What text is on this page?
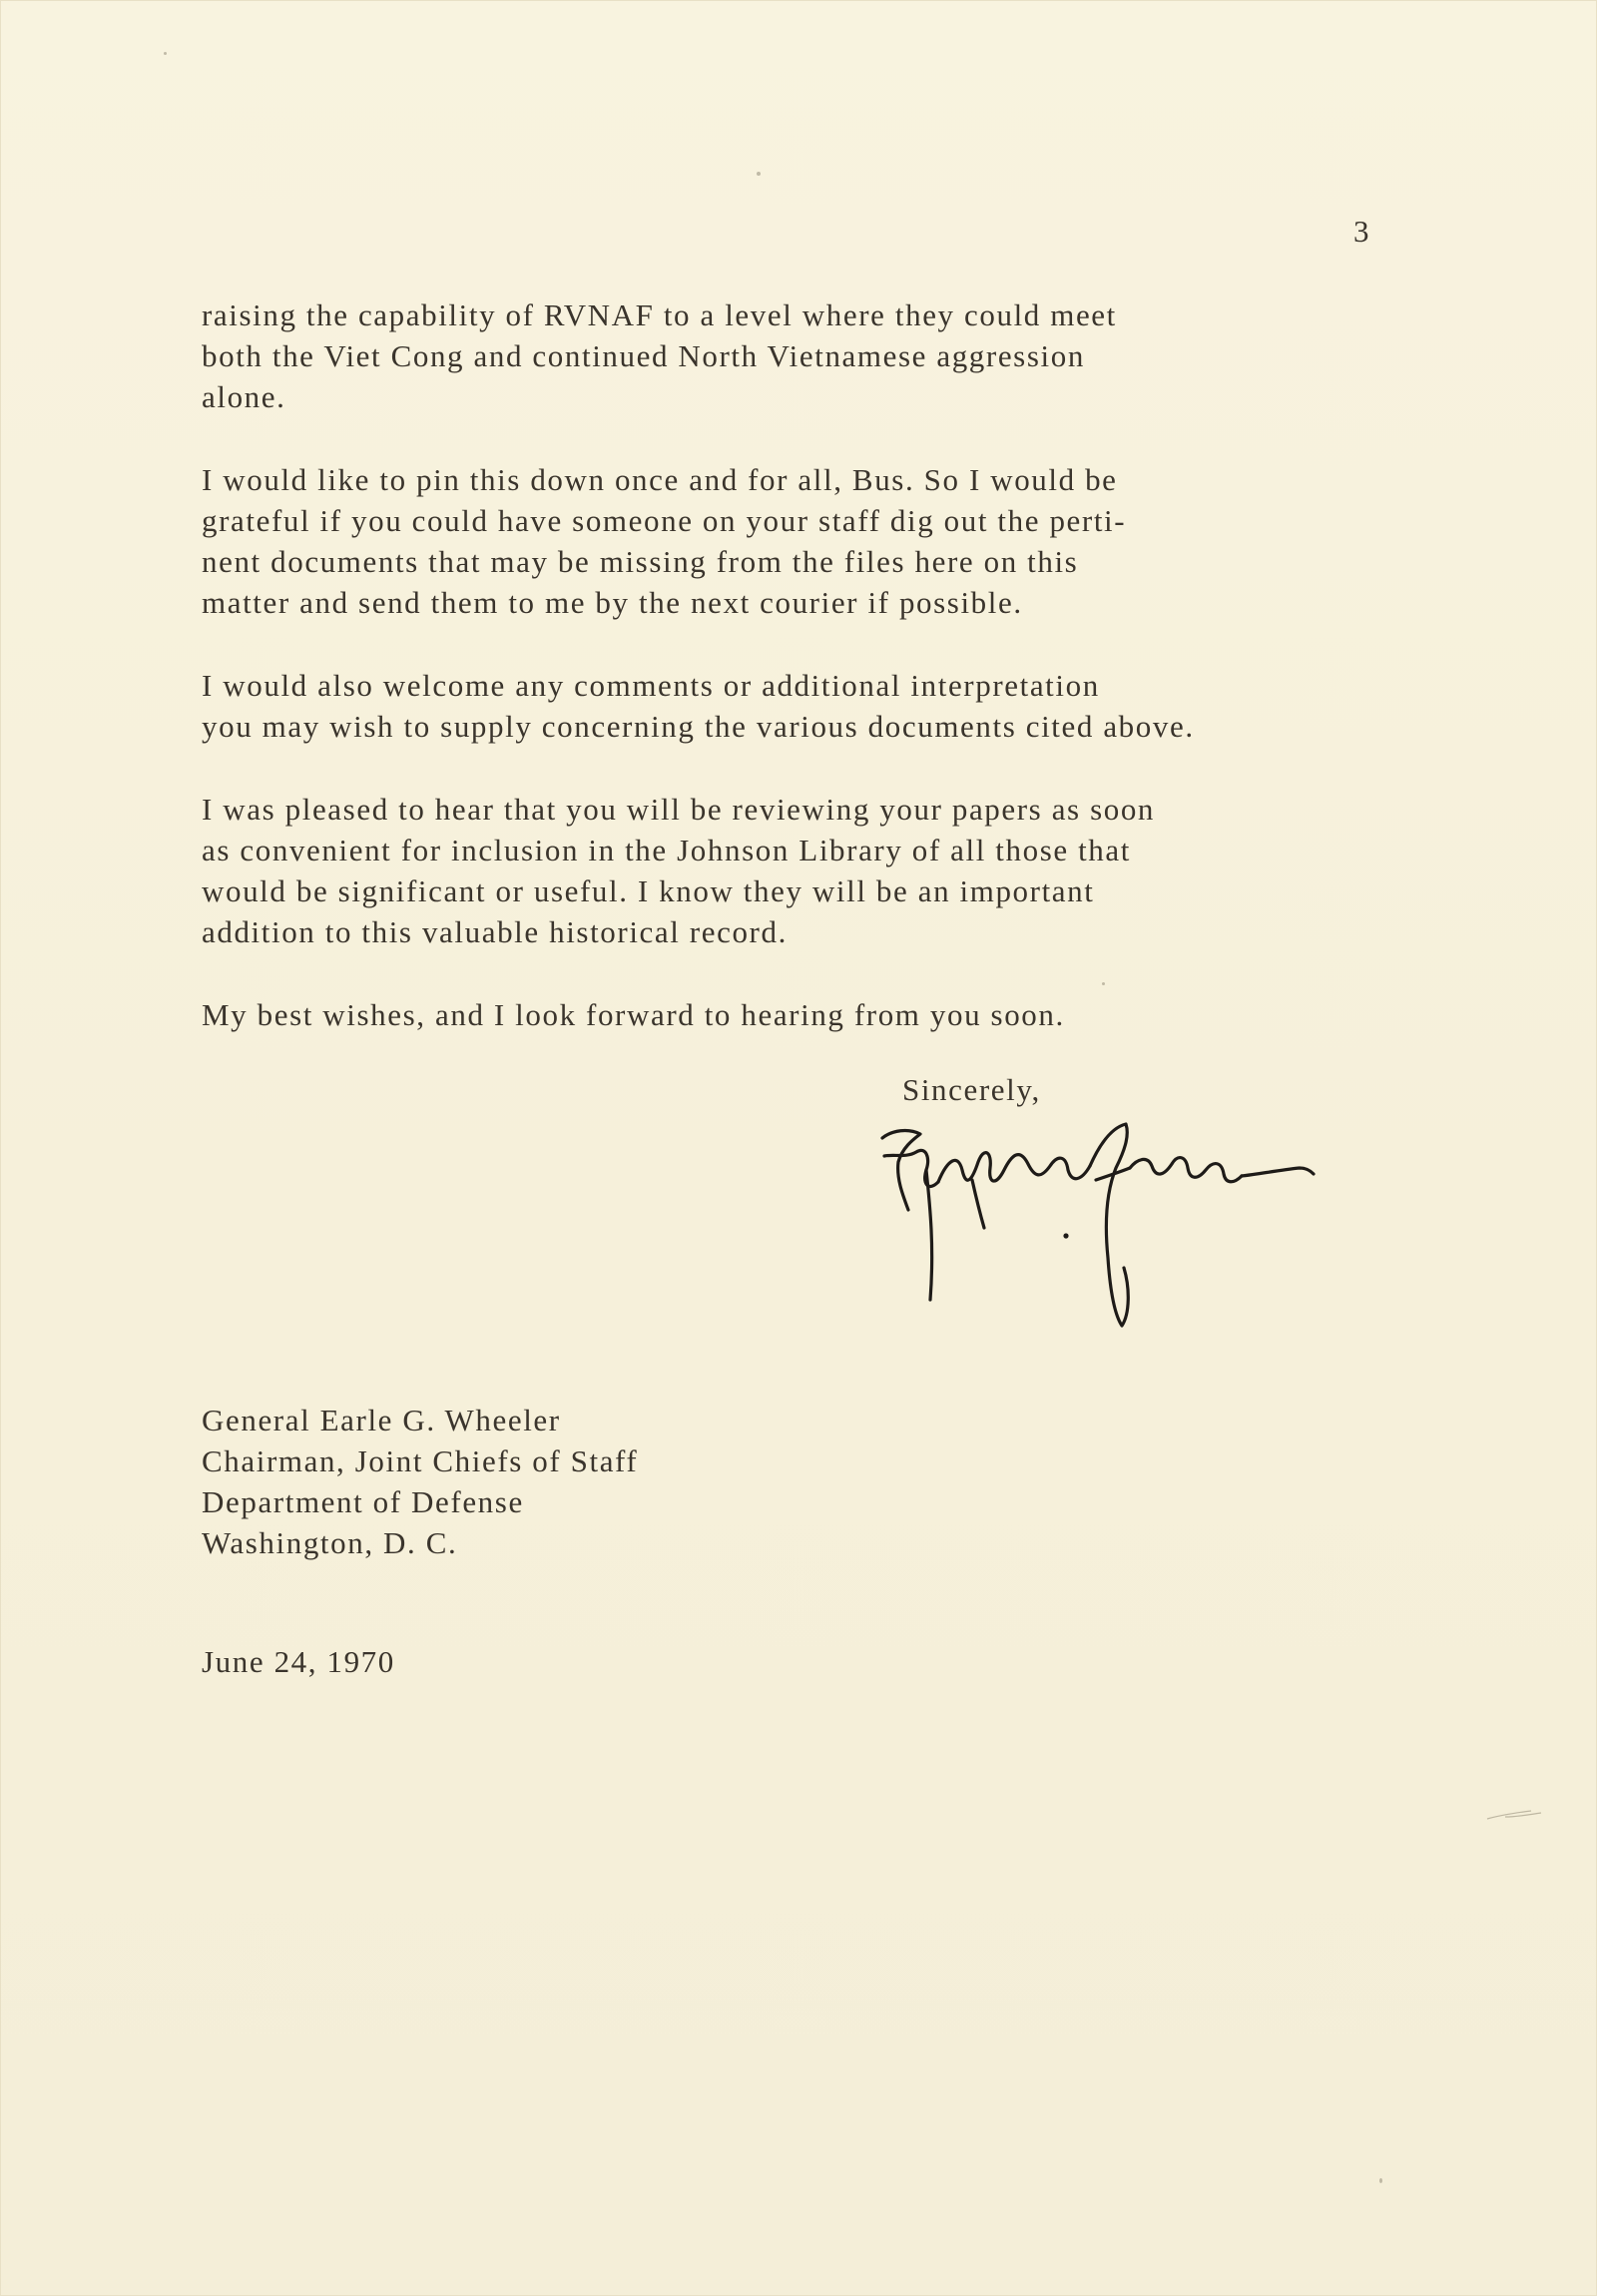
3

raising the capability of RVNAF to a level where they could meet
both the Viet Cong and continued North Vietnamese aggression
alone.

I would like to pin this down once and for all, Bus. So I would be
grateful if you could have someone on your staff dig out the perti-
nent documents that may be missing from the files here on this
matter and send them to me by the next courier if possible.

I would also welcome any comments or additional interpretation
you may wish to supply concerning the various documents cited above.

I was pleased to hear that you will be reviewing your papers as soon
as convenient for inclusion in the Johnson Library of all those that
would be significant or useful. I know they will be an important
addition to this valuable historical record.

My best wishes, and I look forward to hearing from you soon.

Sincerely,
General Earle G. Wheeler
Chairman, Joint Chiefs of Staff
Department of Defense
Washington, D. C.
June 24, 1970
